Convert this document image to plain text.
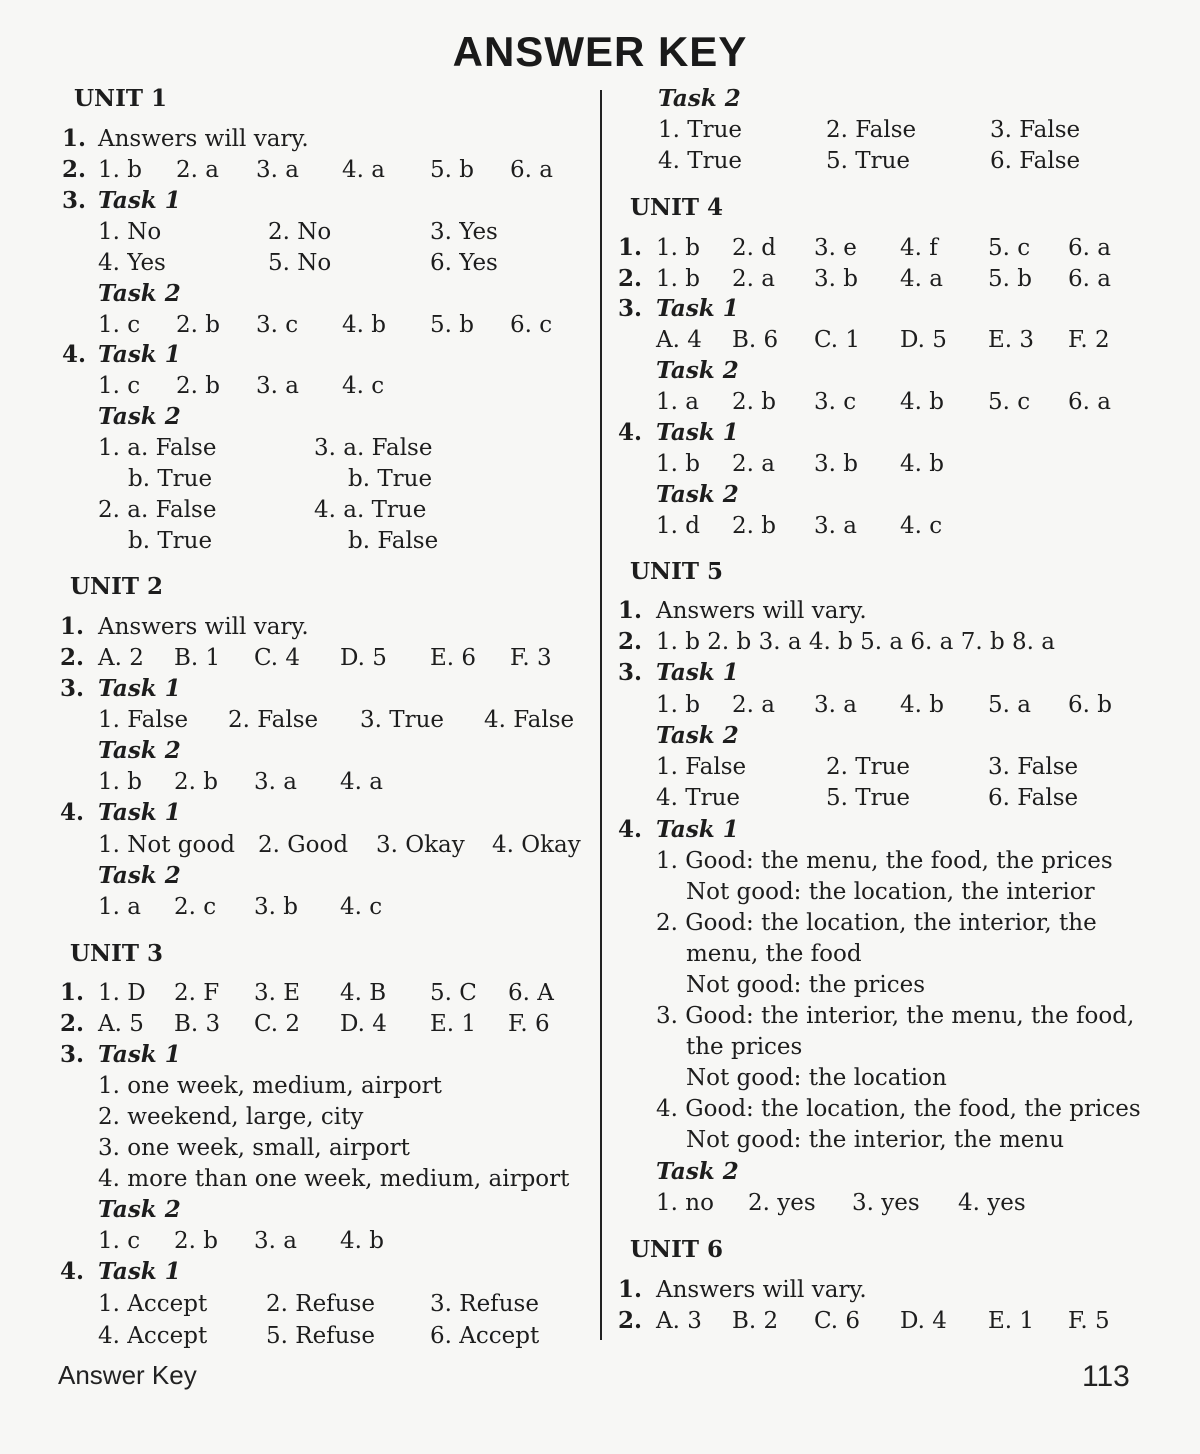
ANSWER KEY
UNIT 1
1. Answers will vary.
2. 1. b 2. a 3. a 4. a 5. b 6. a
3. Task 1
1. No	2. No	3. Yes
4. Yes	5. No	6. Yes
Task 2
1. c 2. b 3. c 4. b 5. b 6. c
4. Task 1
1. c 2. b 3. a 4. c
Task 2
1. a. False	3. a. False
b. True	b. True
2. a. False	4. a. True
b. True	b. False
UNIT 2
1. Answers will vary.
2. A. 2 B. 1 C. 4 D. 5 E. 6 F. 3
3. Task 1
1. False 2. False 3. True 4. False
Task 2
1. b 2. b 3. a 4. a
4. Task 1
1. Not good 2. Good 3. Okay 4. Okay
Task 2
1. a 2. c 3. b 4. c
UNIT 3
1. 1. D 2. F 3. E 4. B 5. C 6. A
2. A. 5 B. 3 C. 2 D. 4 E. 1 F. 6
3. Task 1
1. one week, medium, airport
2. weekend, large, city
3. one week, small, airport
4. more than one week, medium, airport
Task 2
1. c 2. b 3. a 4. b
4. Task 1
1. Accept	2. Refuse 3. Refuse
4. Accept	5. Refuse 6. Accept
Task 2
1. True	2. False	3. False
4. True	5. True	6. False
UNIT 4
1. 1. b 2. d 3. e 4. f 5. c 6. a
2. 1. b 2. a 3. b 4. a 5. b 6. a
3. Task 1
A. 4 B. 6 C. 1 D. 5 E. 3 F. 2
Task 2
1. a 2. b 3. c 4. b 5. c 6. a
4. Task 1
1. b 2. a 3. b 4. b
Task 2
1. d 2. b 3. a 4. c
UNIT 5
1. Answers will vary.
2. 1. b 2. b 3. a 4. b 5. a 6. a 7. b 8. a
3. Task 1
1. b 2. a 3. a 4. b 5. a 6. b
Task 2
1. False	2. True	3. False
4. True	5. True	6. False
4. Task 1
1. Good: the menu, the food, the prices
Not good: the location, the interior
2. Good: the location, the interior, the
menu, the food
Not good: the prices
3. Good: the interior, the menu, the food,
the prices
Not good: the location
4. Good: the location, the food, the prices
Not good: the interior, the menu
Task 2
1. no 2. yes 3. yes 4. yes
UNIT 6
1. Answers will vary.
2. A. 3 B. 2 C. 6 D. 4 E. 1 F. 5
Answer Key	113
